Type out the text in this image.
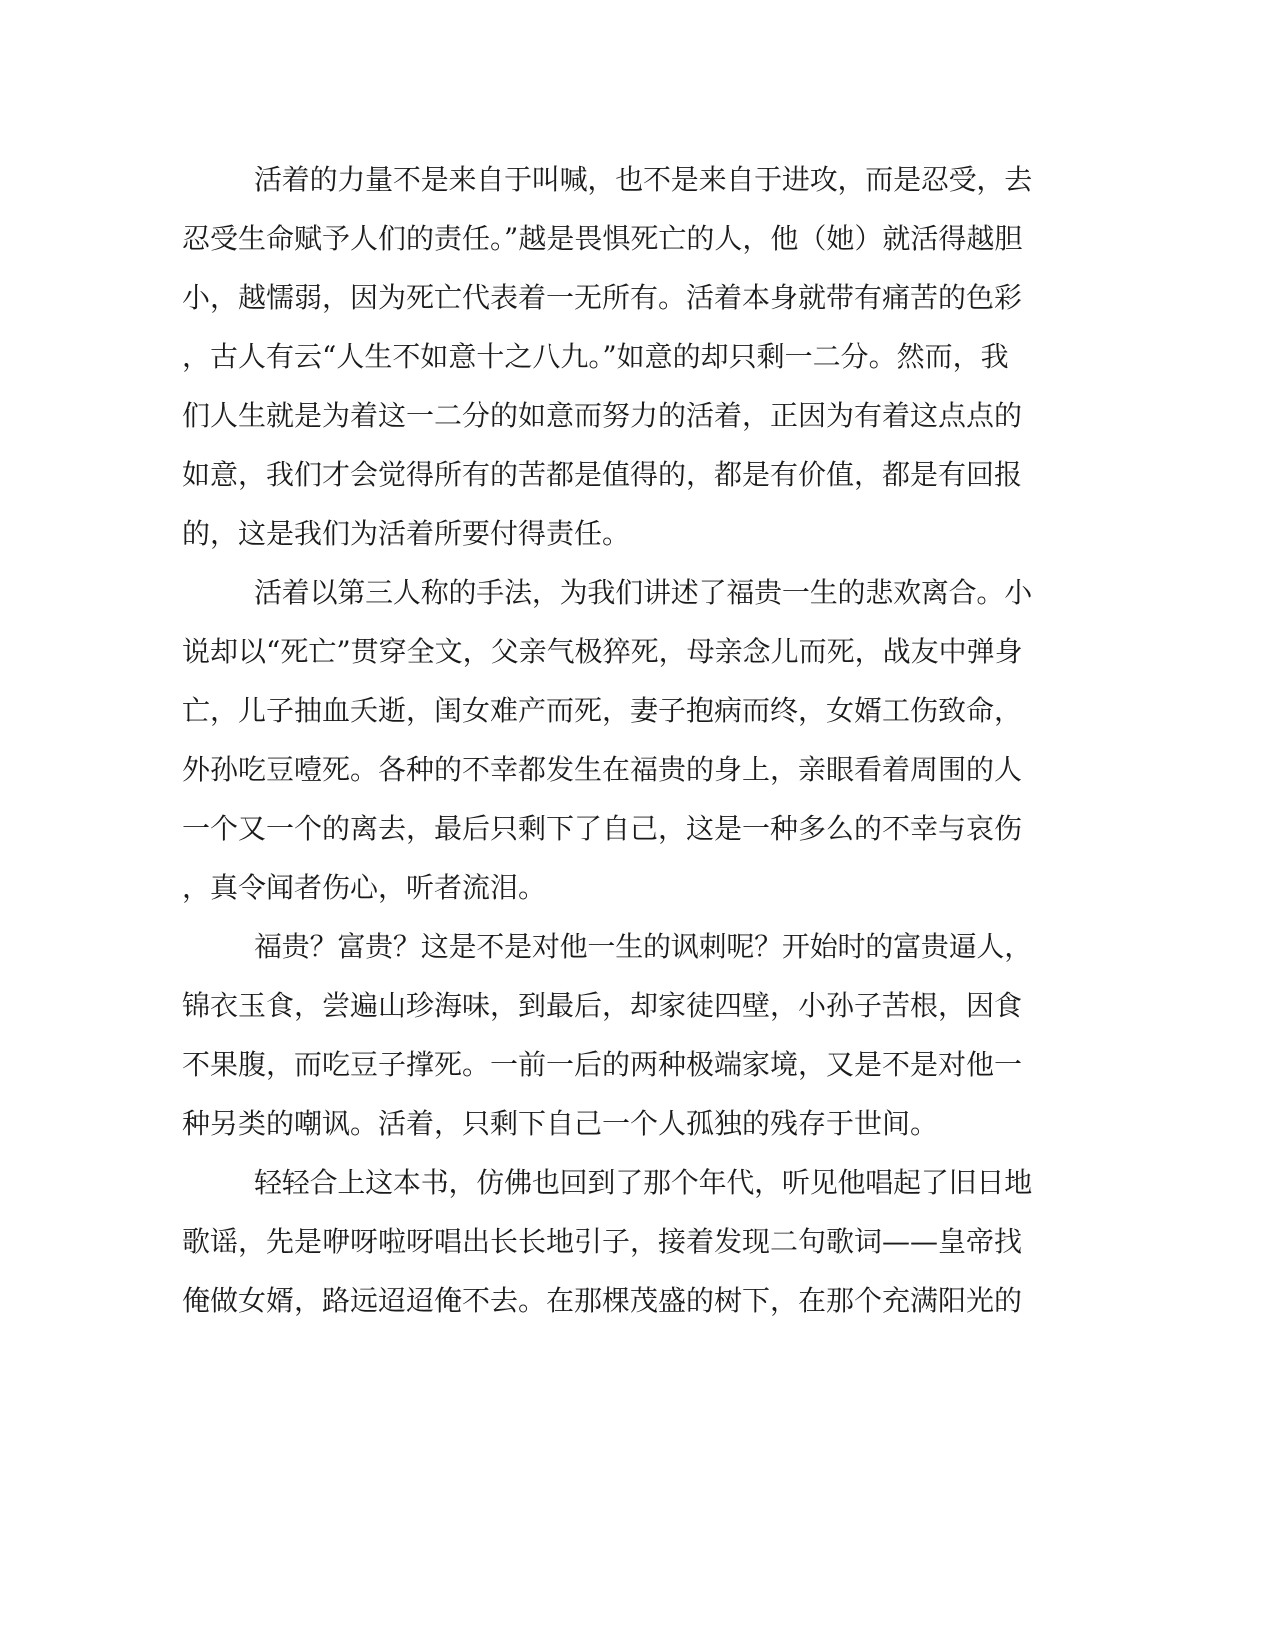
活着的力量不是来自于叫喊，也不是来自于进攻，而是忍受，去
忍受生命赋予人们的责任。”越是畏惧死亡的人，他（她）就活得越胆
小，越懦弱，因为死亡代表着一无所有。活着本身就带有痛苦的色彩
，古人有云“人生不如意十之八九。”如意的却只剩一二分。然而，我
们人生就是为着这一二分的如意而努力的活着，正因为有着这点点的
如意，我们才会觉得所有的苦都是值得的，都是有价值，都是有回报
的，这是我们为活着所要付得责任。
活着以第三人称的手法，为我们讲述了福贵一生的悲欢离合。小
说却以“死亡”贯穿全文，父亲气极猝死，母亲念儿而死，战友中弹身
亡，儿子抽血夭逝，闺女难产而死，妻子抱病而终，女婿工伤致命，
外孙吃豆噎死。各种的不幸都发生在福贵的身上，亲眼看着周围的人
一个又一个的离去，最后只剩下了自己，这是一种多么的不幸与哀伤
，真令闻者伤心，听者流泪。
福贵？富贵？这是不是对他一生的讽刺呢？开始时的富贵逼人，
锦衣玉食，尝遍山珍海味，到最后，却家徒四壁，小孙子苦根，因食
不果腹，而吃豆子撑死。一前一后的两种极端家境，又是不是对他一
种另类的嘲讽。活着，只剩下自己一个人孤独的残存于世间。
轻轻合上这本书，仿佛也回到了那个年代，听见他唱起了旧日地
歌谣，先是咿呀啦呀唱出长长地引子，接着发现二句歌词——皇帝找
俺做女婿，路远迢迢俺不去。在那棵茂盛的树下，在那个充满阳光的
